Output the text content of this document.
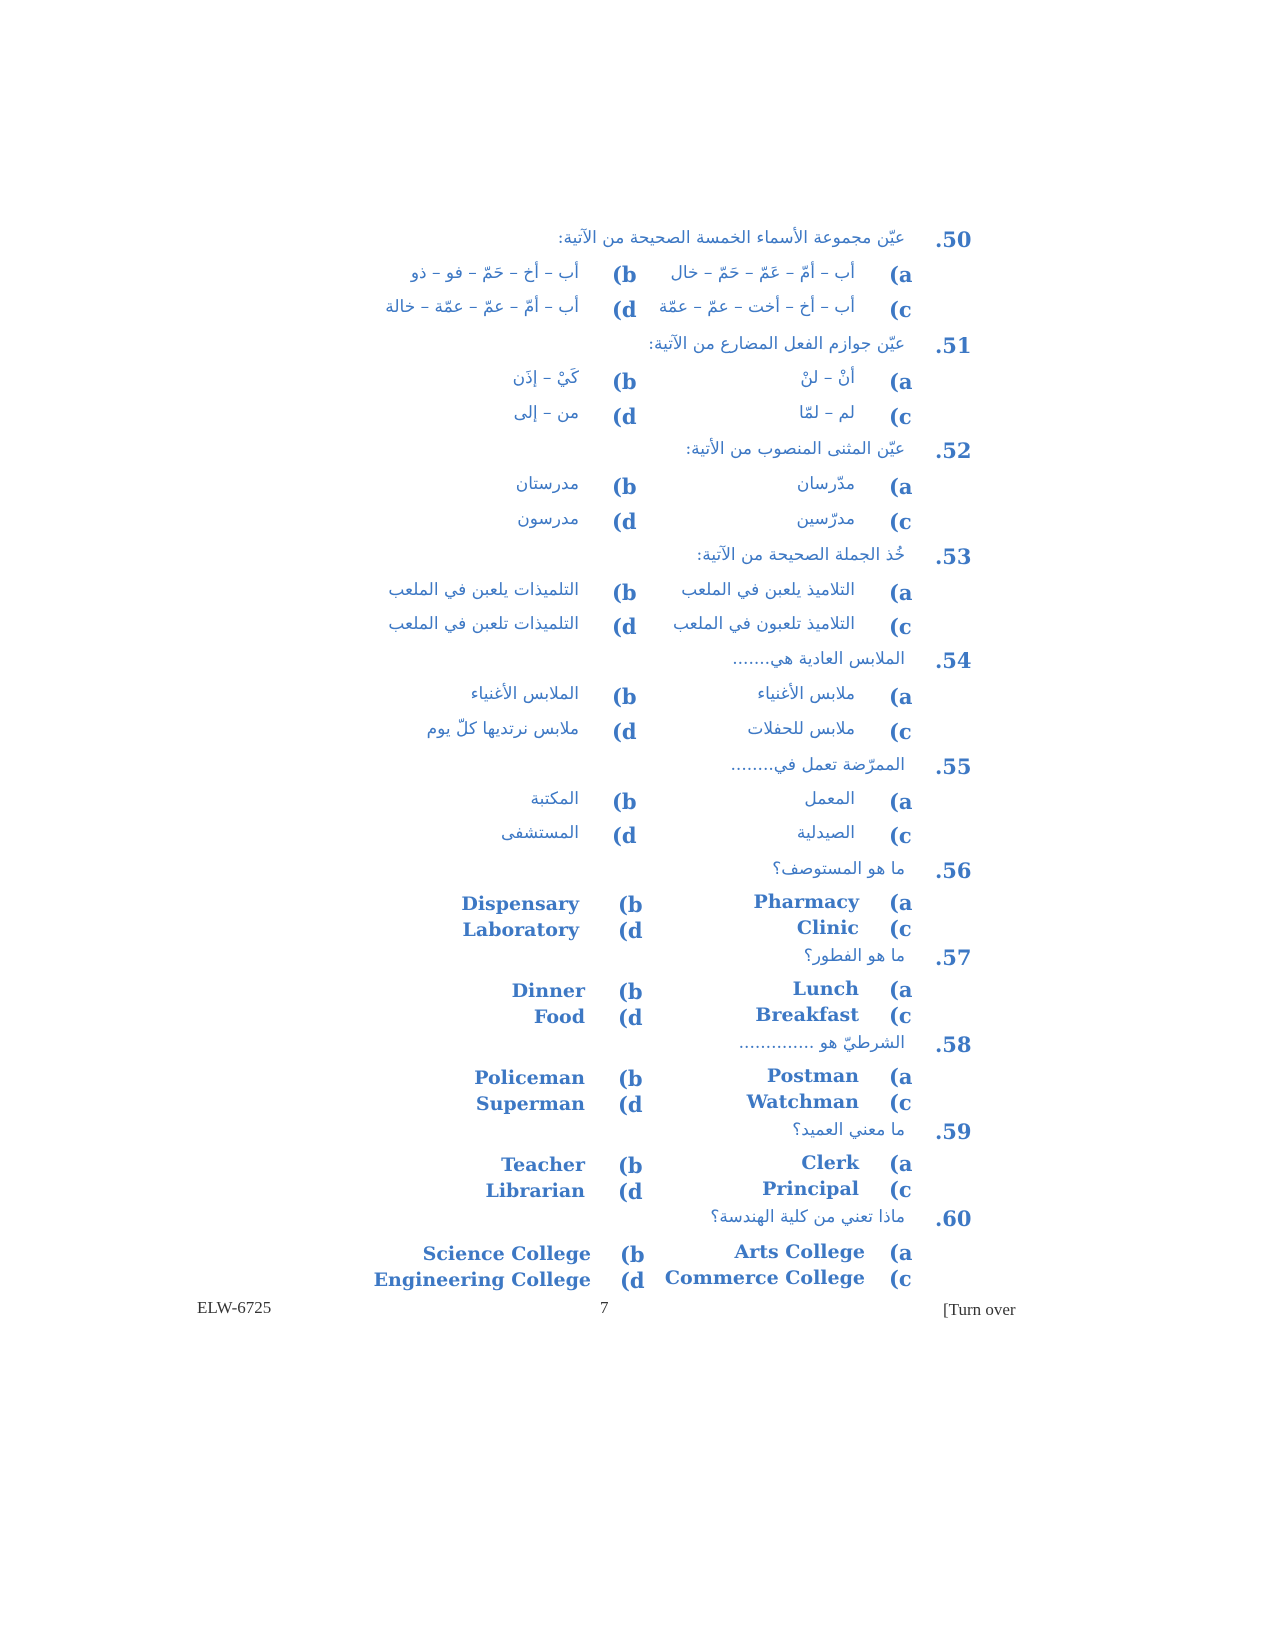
.50
عيّن مجموعة الأسماء الخمسة الصحيحة من الآتية:
(a
أب – أمّ – عَمّ – حَمّ – خال
(b
أب – أخ – حَمّ – فو – ذو
(c
أب – أخ – أخت – عمّ – عمّة
(d
أب – أمّ – عمّ – عمّة – خالة
.51
عيّن جوازم الفعل المضارع من الآتية:
(a
أنْ – لنْ
(b
كَيْ – إذَن
(c
لم – لمّا
(d
من – إلى
.52
عيّن المثنى المنصوب من الأتية:
(a
مدّرسان
(b
مدرستان
(c
مدرّسين
(d
مدرسون
.53
خُذ الجملة الصحيحة من الآتية:
(a
التلاميذ يلعبن في الملعب
(b
التلميذات يلعبن في الملعب
(c
التلاميذ تلعبون في الملعب
(d
التلميذات تلعبن في الملعب
.54
الملابس العادية هي.......
(a
ملابس الأغنياء
(b
الملابس الأغنياء
(c
ملابس للحفلات
(d
ملابس نرتديها كلّ يوم
.55
الممرّضة تعمل في........
(a
المعمل
(b
المكتبة
(c
الصيدلية
(d
المستشفى
.56
ما هو المستوصف؟
(a
Pharmacy
(b
Dispensary
(c
Clinic
(d
Laboratory
.57
ما هو الفطور؟
(a
Lunch
(b
Dinner
(c
Breakfast
(d
Food
.58
الشرطيّ هو ..............
(a
Postman
(b
Policeman
(c
Watchman
(d
Superman
.59
ما معني العميد؟
(a
Clerk
(b
Teacher
(c
Principal
(d
Librarian
.60
ماذا تعني من كلية الهندسة؟
(a
Arts College
(b
Science College
(c
Commerce College
(d
Engineering College
ELW-6725	7	[Turn over
